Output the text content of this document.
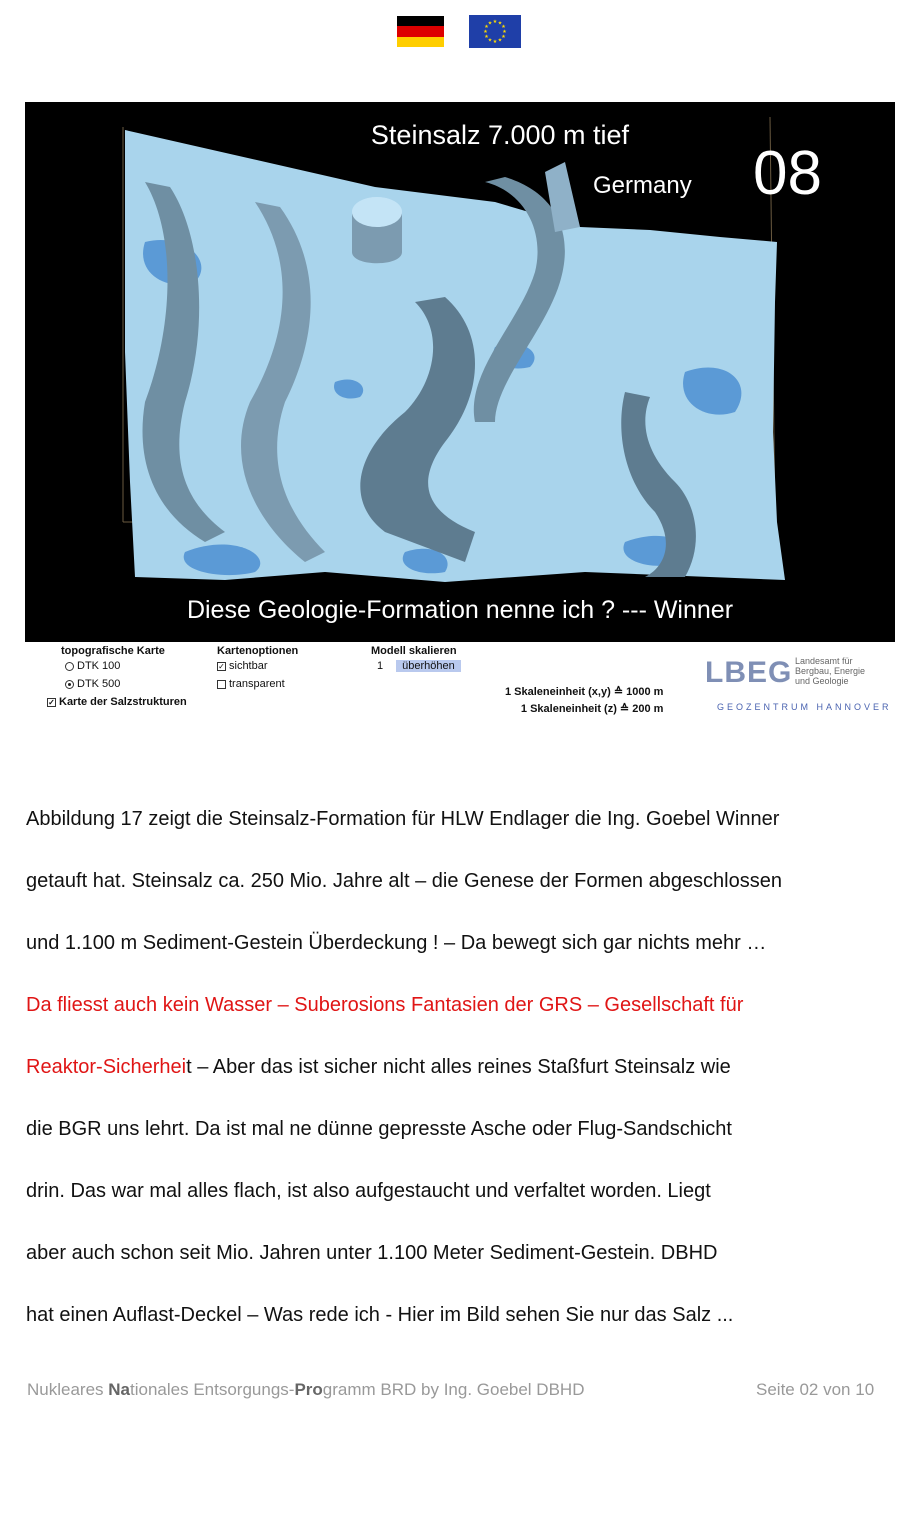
★ ★
★
★
★
★
★
★
★
★
★
★
Steinsalz 7.000 m tief
Germany 08
Diese Geologie-Formation nenne ich ? --- Winner
topografische Karte
DTK 100
DTK 500
✓ Karte der Salzstrukturen
Kartenoptionen
✓ sichtbar
transparent
Modell skalieren
1	überhöhen
1 Skaleneinheit (x,y) ≙ 1000 m
1 Skaleneinheit (z) ≙ 200 m
LBEG Landesamt für
Bergbau, Energie
und Geologie
GEOZENTRUM HANNOVER
Abbildung 17 zeigt die Steinsalz-Formation für HLW Endlager die Ing. Goebel Winner
getauft hat. Steinsalz ca. 250 Mio. Jahre alt – die Genese der Formen abgeschlossen
und 1.100 m Sediment-Gestein Überdeckung ! – Da bewegt sich gar nichts mehr …
Da fliesst auch kein Wasser – Suberosions Fantasien der GRS – Gesellschaft für
Reaktor-Sicherheit – Aber das ist sicher nicht alles reines Staßfurt Steinsalz wie
die BGR uns lehrt. Da ist mal ne dünne gepresste Asche oder Flug-Sandschicht
drin. Das war mal alles flach, ist also aufgestaucht und verfaltet worden. Liegt
aber auch schon seit Mio. Jahren unter 1.100 Meter Sediment-Gestein. DBHD
hat einen Auflast-Deckel – Was rede ich - Hier im Bild sehen Sie nur das Salz ...
Nukleares Nationales Entsorgungs-Programm BRD by Ing. Goebel DBHD	Seite 02 von 10
